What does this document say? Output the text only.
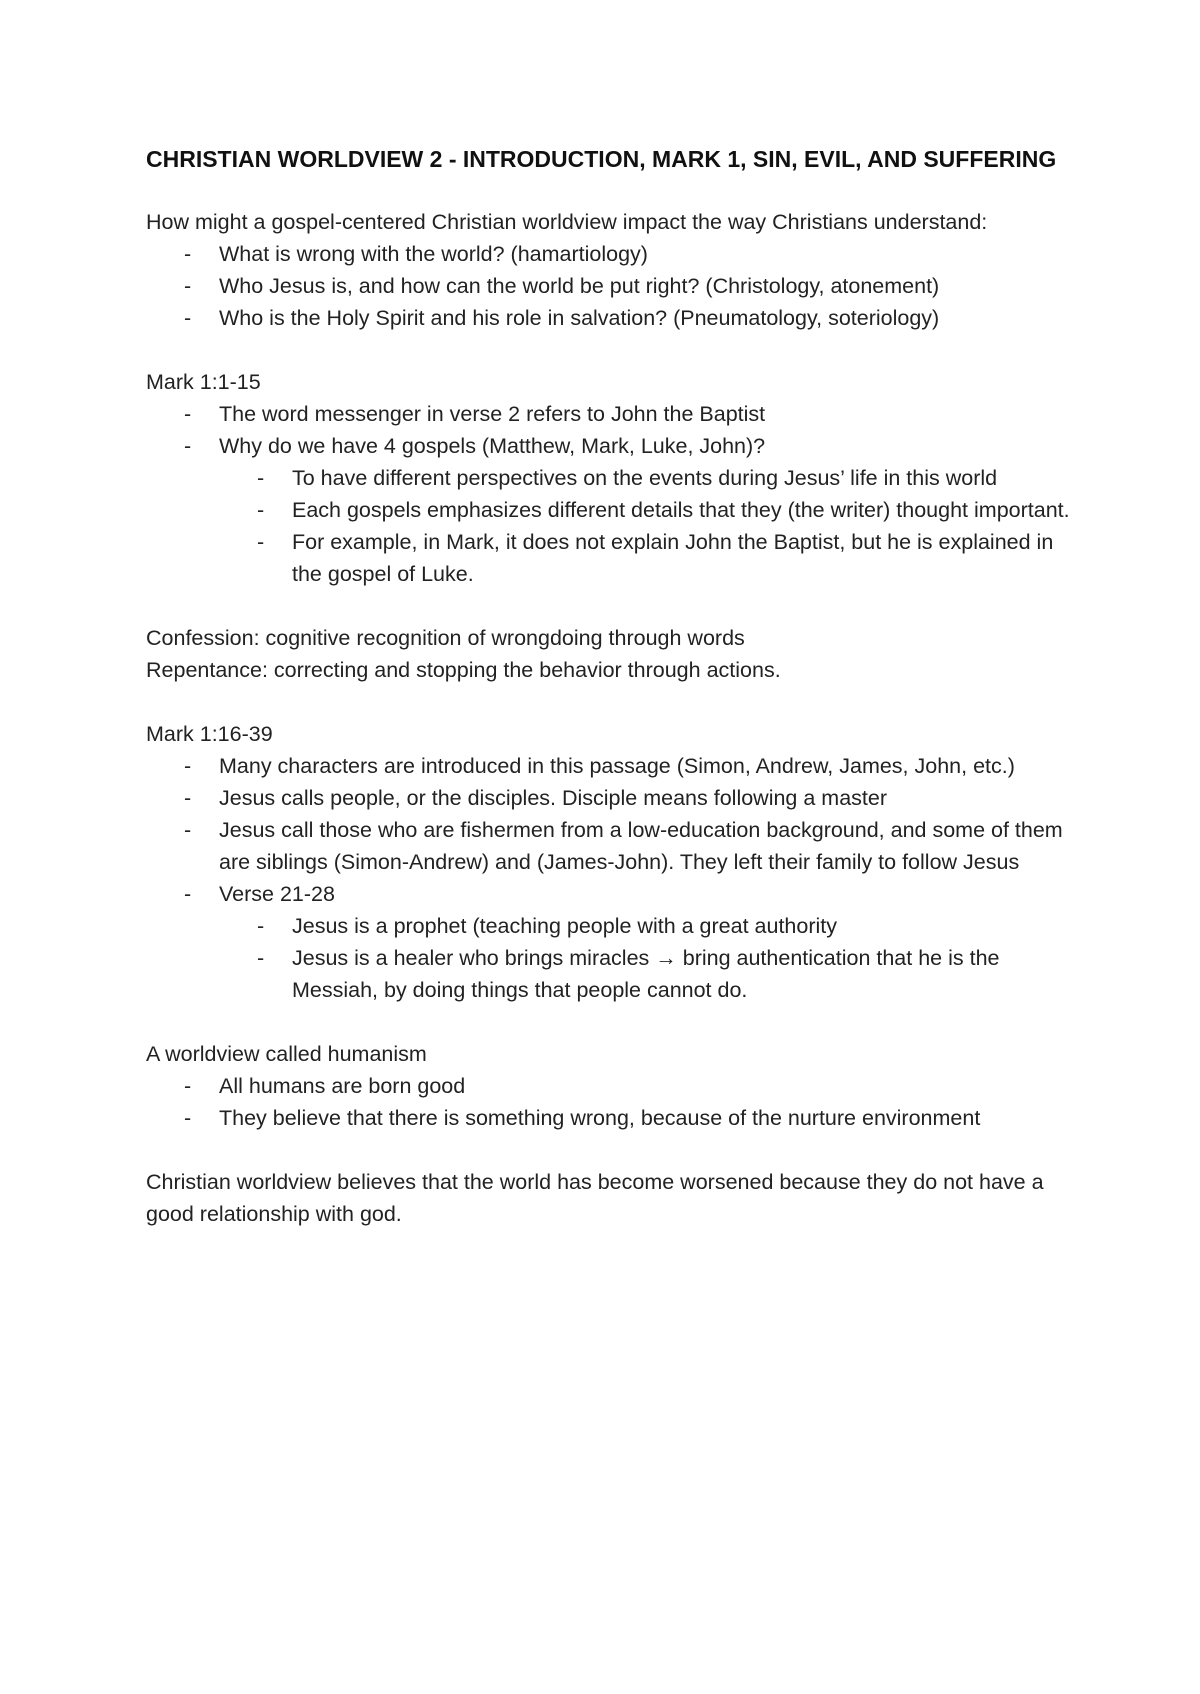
CHRISTIAN WORLDVIEW 2 - INTRODUCTION, MARK 1, SIN, EVIL, AND SUFFERING

How might a gospel-centered Christian worldview impact the way Christians understand:

- What is wrong with the world? (hamartiology)
- Who Jesus is, and how can the world be put right? (Christology, atonement)
- Who is the Holy Spirit and his role in salvation? (Pneumatology, soteriology)

Mark 1:1-15

- The word messenger in verse 2 refers to John the Baptist
- Why do we have 4 gospels (Matthew, Mark, Luke, John)?
- To have different perspectives on the events during Jesus’ life in this world
- Each gospels emphasizes different details that they (the writer) thought important.
- For example, in Mark, it does not explain John the Baptist, but he is explained in the gospel of Luke.

Confession: cognitive recognition of wrongdoing through words

Repentance: correcting and stopping the behavior through actions.

Mark 1:16-39

- Many characters are introduced in this passage (Simon, Andrew, James, John, etc.)
- Jesus calls people, or the disciples. Disciple means following a master
- Jesus call those who are fishermen from a low-education background, and some of them are siblings (Simon-Andrew) and (James-John). They left their family to follow Jesus
- Verse 21-28
- Jesus is a prophet (teaching people with a great authority
- Jesus is a healer who brings miracles → bring authentication that he is the Messiah, by doing things that people cannot do.

A worldview called humanism

- All humans are born good
- They believe that there is something wrong, because of the nurture environment

Christian worldview believes that the world has become worsened because they do not have a good relationship with god.
